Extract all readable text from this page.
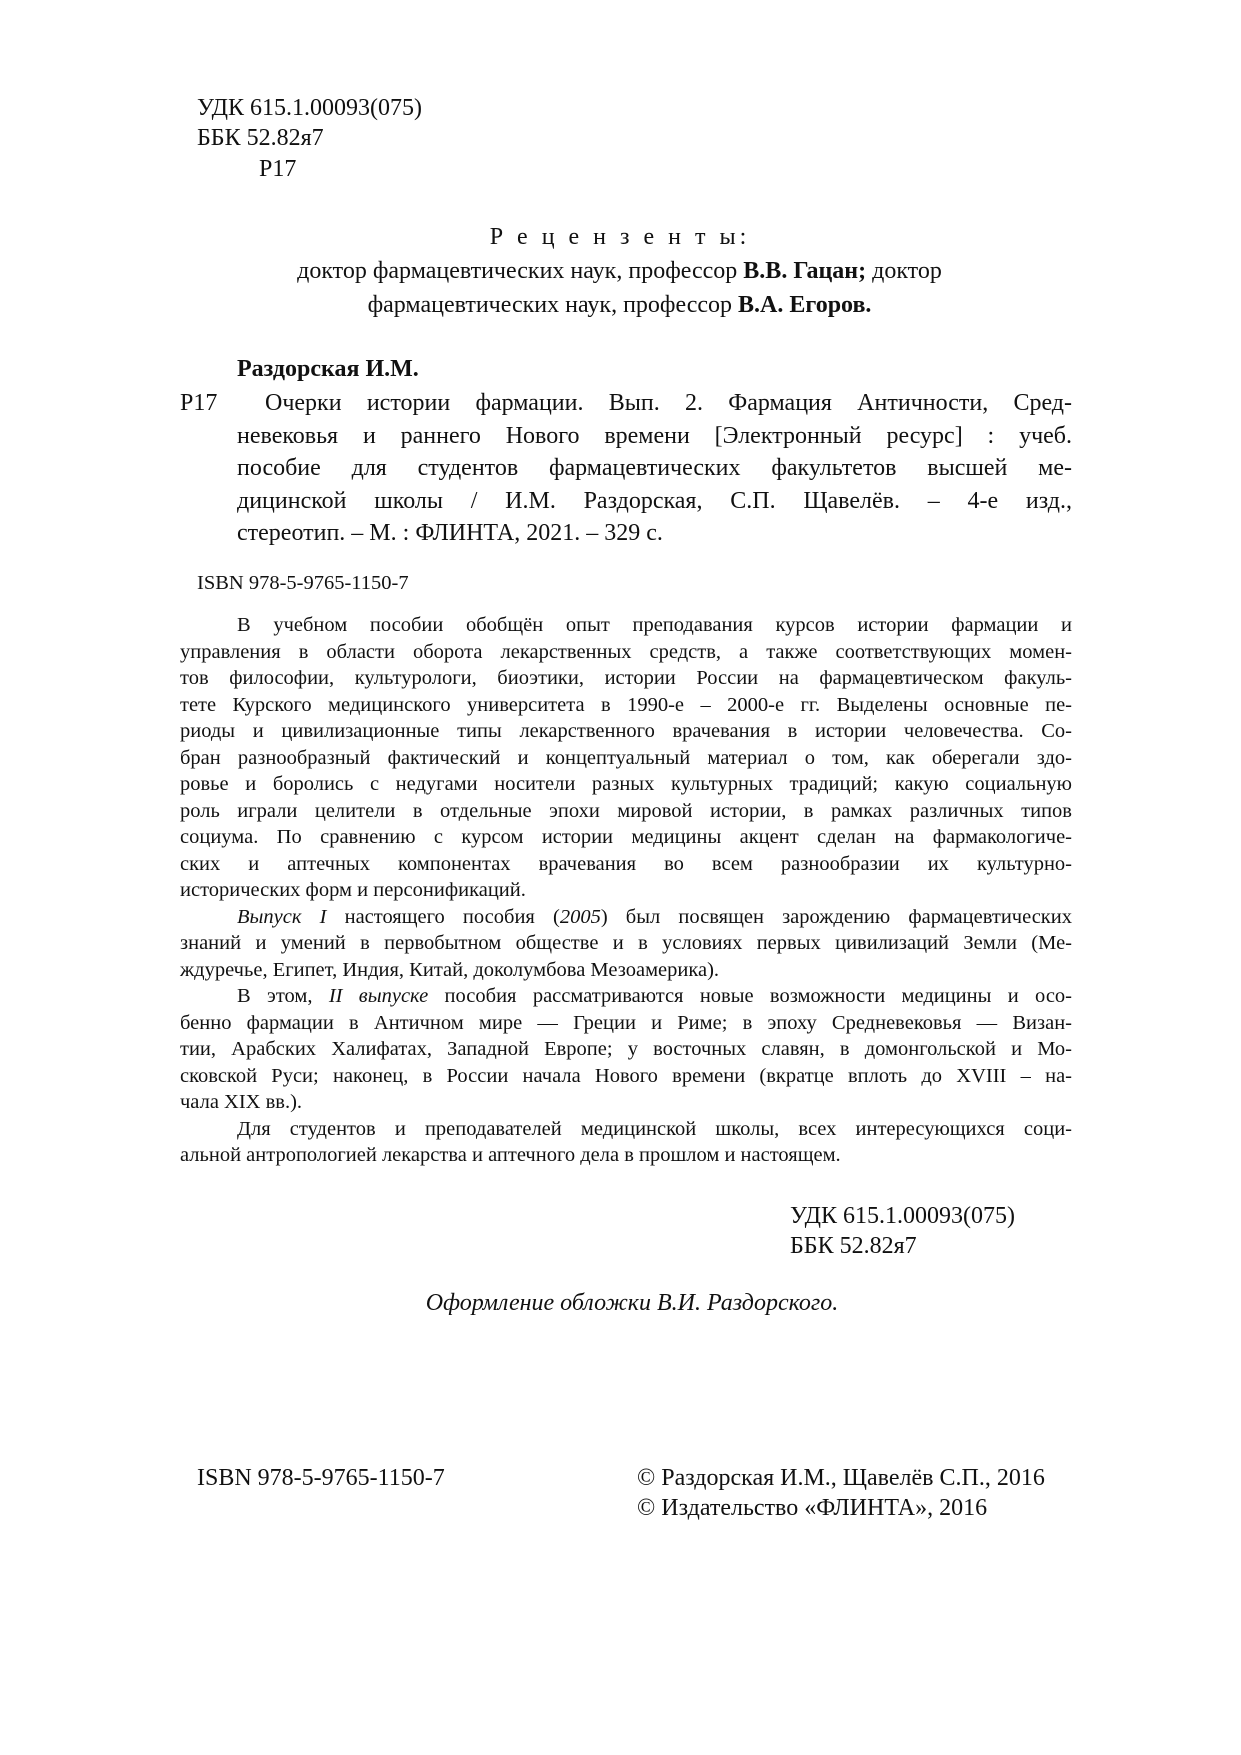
УДК 615.1.00093(075)
ББК 52.82я7
Р17
Р е ц е н з е н т ы:
доктор фармацевтических наук, профессор В.В. Гацан; доктор
фармацевтических наук, профессор В.А. Егоров.
Раздорская И.М.
Р17 Очерки истории фармации. Вып. 2. Фармация Античности, Сред-
невековья и раннего Нового времени [Электронный ресурс] : учеб.
пособие для студентов фармацевтических факультетов высшей ме-
дицинской школы / И.М. Раздорская, С.П. Щавелёв. – 4-е изд.,
стереотип. – М. : ФЛИНТА, 2021. – 329 с.
ISBN 978-5-9765-1150-7
В учебном пособии обобщён опыт преподавания курсов истории фармации и
управления в области оборота лекарственных средств, а также соответствующих момен-
тов философии, культурологи, биоэтики, истории России на фармацевтическом факуль-
тете Курского медицинского университета в 1990-е – 2000-е гг. Выделены основные пе-
риоды и цивилизационные типы лекарственного врачевания в истории человечества. Со-
бран разнообразный фактический и концептуальный материал о том, как оберегали здо-
ровье и боролись с недугами носители разных культурных традиций; какую социальную
роль играли целители в отдельные эпохи мировой истории, в рамках различных типов
социума. По сравнению с курсом истории медицины акцент сделан на фармакологиче-
ских и аптечных компонентах врачевания во всем разнообразии их культурно-
исторических форм и персонификаций.
Выпуск I настоящего пособия (2005) был посвящен зарождению фармацевтических
знаний и умений в первобытном обществе и в условиях первых цивилизаций Земли (Ме-
ждуречье, Египет, Индия, Китай, доколумбова Мезоамерика).
В этом, II выпуске пособия рассматриваются новые возможности медицины и осо-
бенно фармации в Античном мире — Греции и Риме; в эпоху Средневековья — Визан-
тии, Арабских Халифатах, Западной Европе; у восточных славян, в домонгольской и Мо-
сковской Руси; наконец, в России начала Нового времени (вкратце вплоть до XVIII – на-
чала XIX вв.).
Для студентов и преподавателей медицинской школы, всех интересующихся соци-
альной антропологией лекарства и аптечного дела в прошлом и настоящем.
УДК 615.1.00093(075)
ББК 52.82я7
Оформление обложки В.И. Раздорского.
ISBN 978-5-9765-1150-7	© Раздорская И.М., Щавелёв С.П., 2016
© Издательство «ФЛИНТА», 2016
